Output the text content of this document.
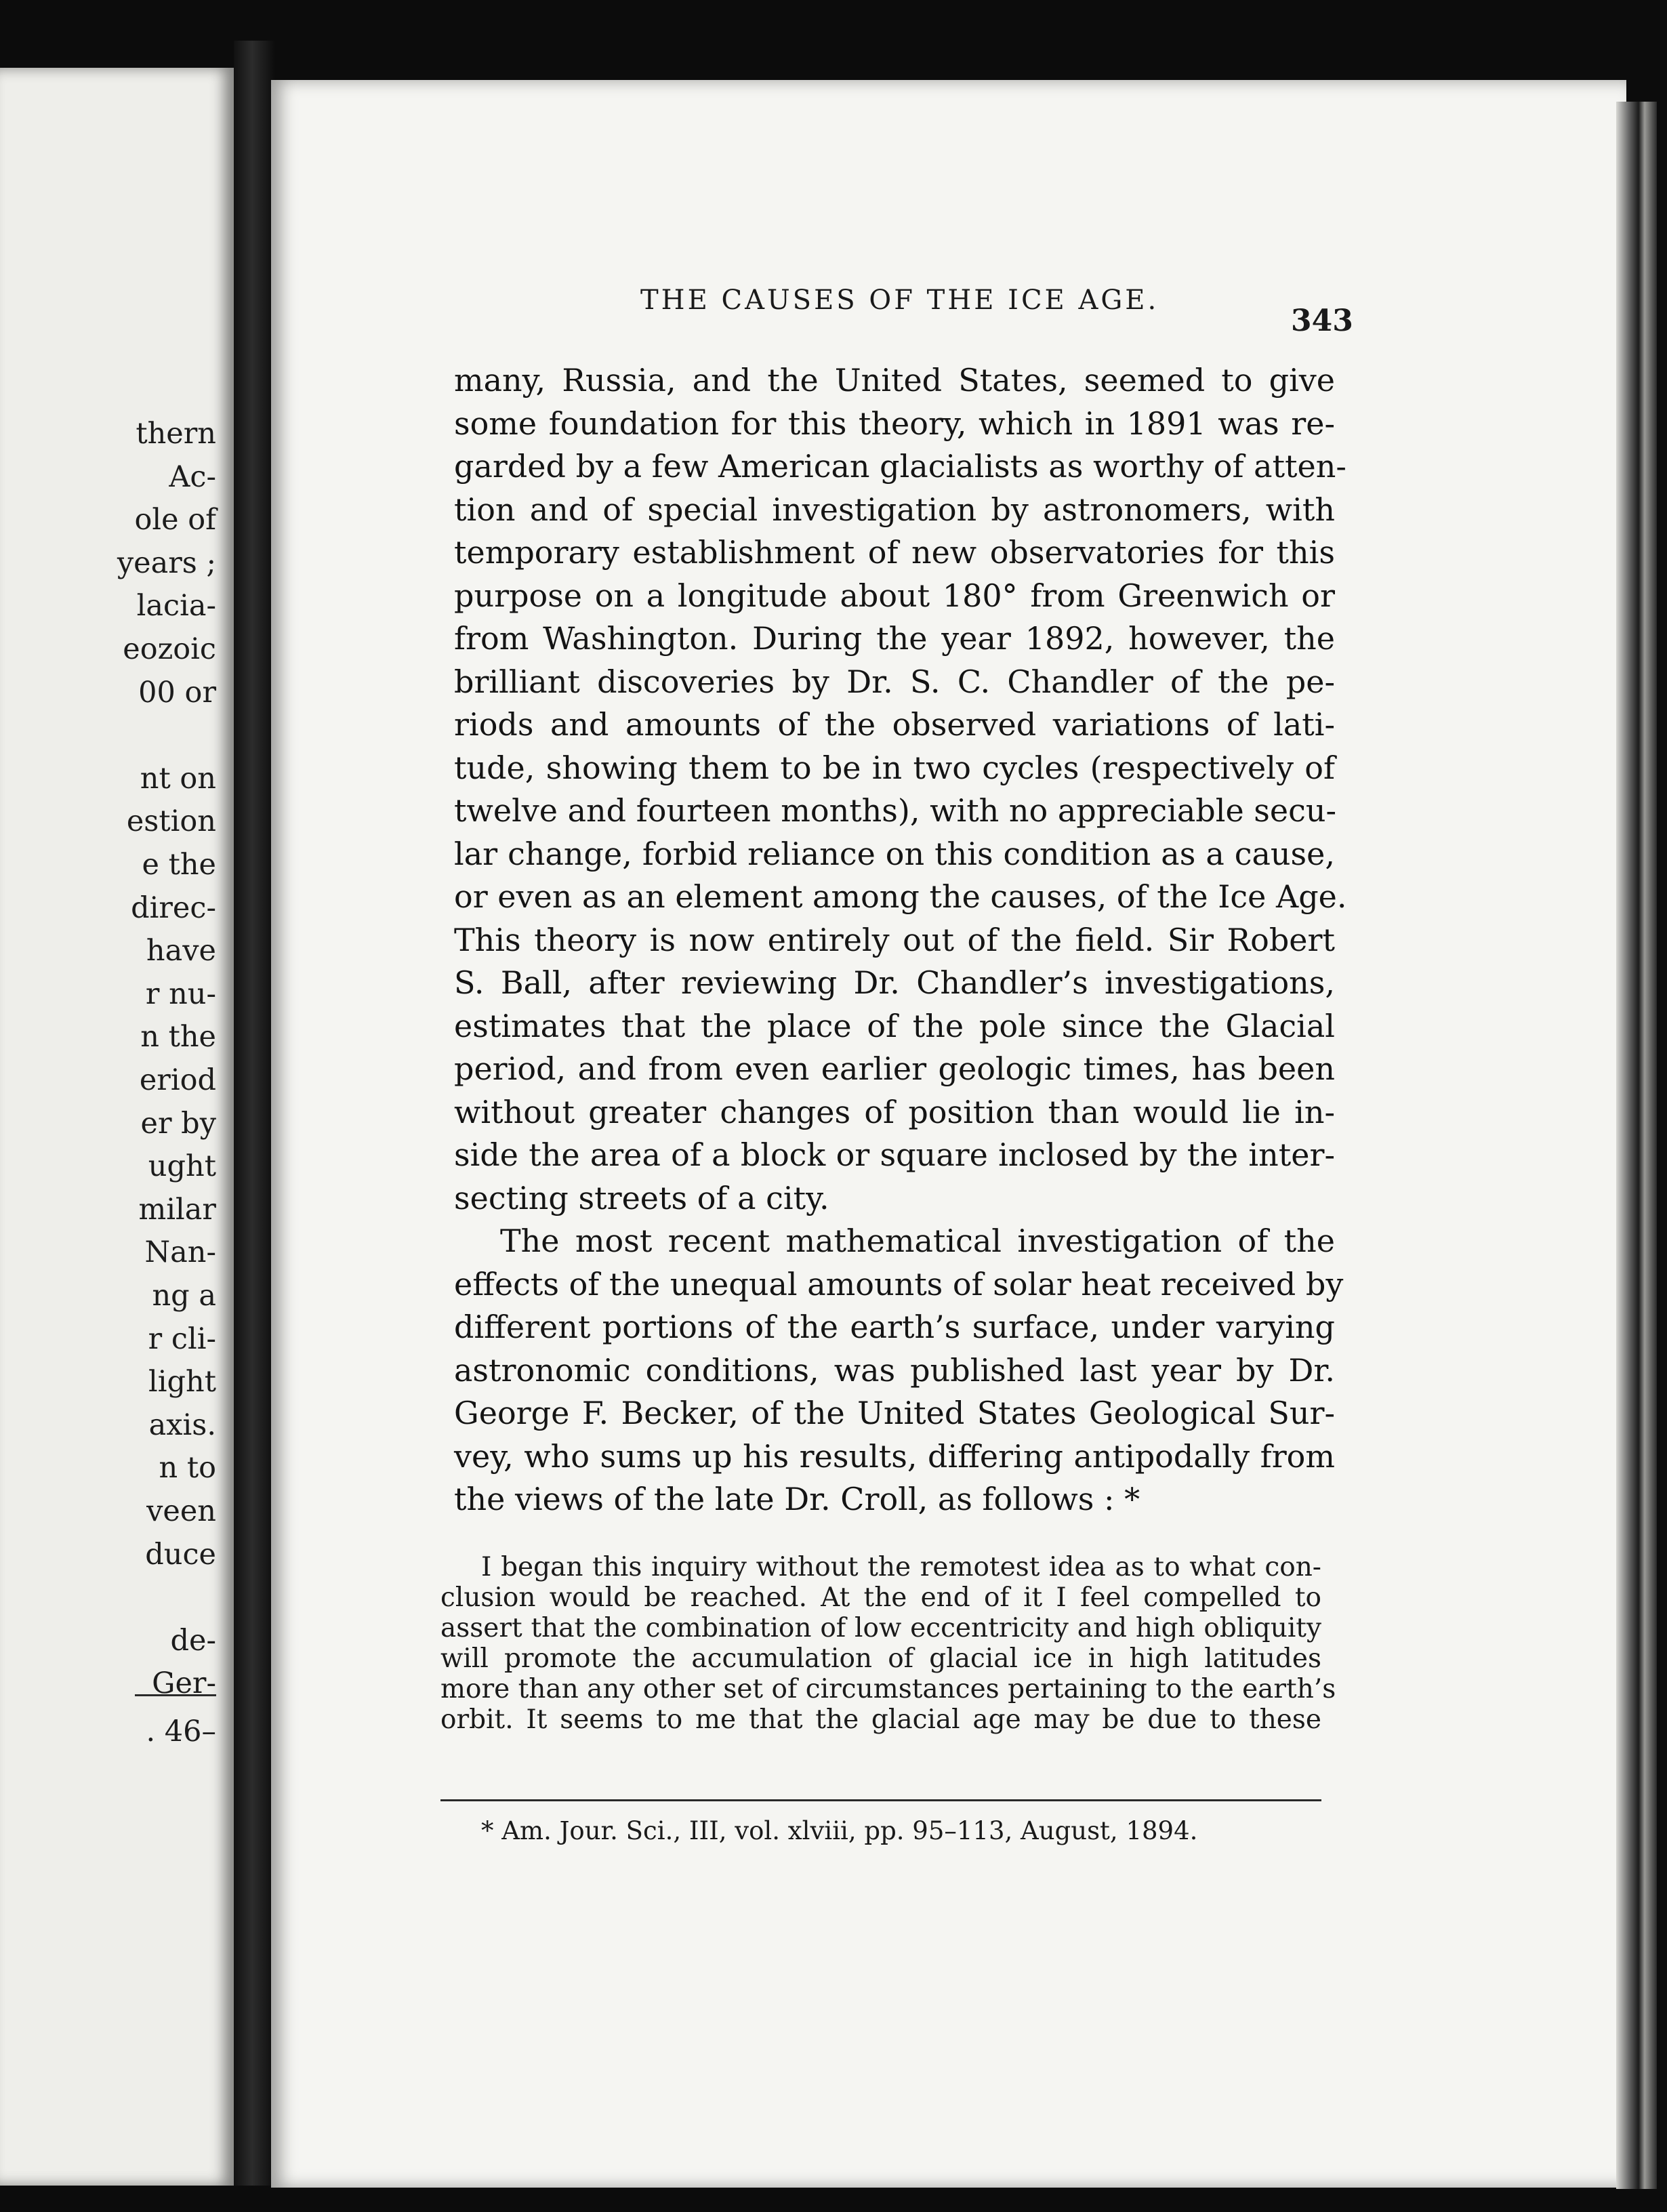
thern
Ac-
ole of
years ;
lacia-
eozoic
00 or
nt on
estion
e the
direc-
have
r nu-
n the
eriod
er by
ught
milar
Nan-
ng a
r cli-
light
axis.
n to
veen
duce
de-
Ger-
. 46–
THE CAUSES OF THE ICE AGE.
343
many, Russia, and the United States, seemed to give
some foundation for this theory, which in 1891 was re-
garded by a few American glacialists as worthy of atten-
tion and of special investigation by astronomers, with
temporary establishment of new observatories for this
purpose on a longitude about 180° from Greenwich or
from Washington. During the year 1892, however, the
brilliant discoveries by Dr. S. C. Chandler of the pe-
riods and amounts of the observed variations of lati-
tude, showing them to be in two cycles (respectively of
twelve and fourteen months), with no appreciable secu-
lar change, forbid reliance on this condition as a cause,
or even as an element among the causes, of the Ice Age.
This theory is now entirely out of the field. Sir Robert
S. Ball, after reviewing Dr. Chandler’s investigations,
estimates that the place of the pole since the Glacial
period, and from even earlier geologic times, has been
without greater changes of position than would lie in-
side the area of a block or square inclosed by the inter-
secting streets of a city.
The most recent mathematical investigation of the
effects of the unequal amounts of solar heat received by
different portions of the earth’s surface, under varying
astronomic conditions, was published last year by Dr.
George F. Becker, of the United States Geological Sur-
vey, who sums up his results, differing antipodally from
the views of the late Dr. Croll, as follows : *
I began this inquiry without the remotest idea as to what con-
clusion would be reached. At the end of it I feel compelled to
assert that the combination of low eccentricity and high obliquity
will promote the accumulation of glacial ice in high latitudes
more than any other set of circumstances pertaining to the earth’s
orbit. It seems to me that the glacial age may be due to these
* Am. Jour. Sci., III, vol. xlviii, pp. 95–113, August, 1894.
